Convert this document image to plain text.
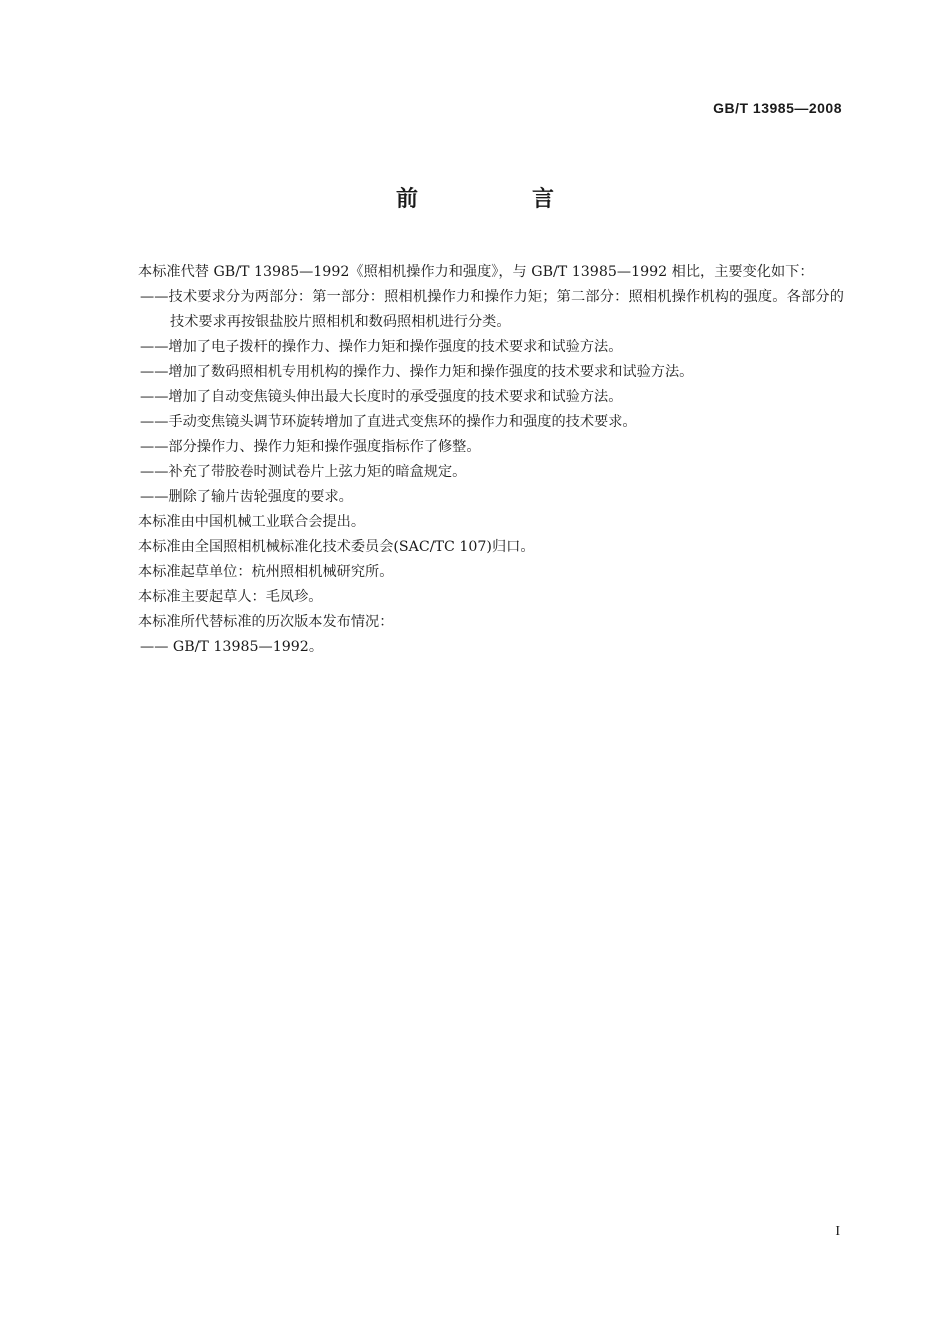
GB/T 13985—2008
前　言

本标准代替 GB/T 13985—1992《照相机操作力和强度》，与 GB/T 13985—1992 相比，主要变化如下：

——技术要求分为两部分：第一部分：照相机操作力和操作力矩；第二部分：照相机操作机构的强度。各部分的技术要求再按银盐胶片照相机和数码照相机进行分类。

——增加了电子拨杆的操作力、操作力矩和操作强度的技术要求和试验方法。

——增加了数码照相机专用机构的操作力、操作力矩和操作强度的技术要求和试验方法。

——增加了自动变焦镜头伸出最大长度时的承受强度的技术要求和试验方法。

——手动变焦镜头调节环旋转增加了直进式变焦环的操作力和强度的技术要求。

——部分操作力、操作力矩和操作强度指标作了修整。

——补充了带胶卷时测试卷片上弦力矩的暗盒规定。

——删除了输片齿轮强度的要求。

本标准由中国机械工业联合会提出。

本标准由全国照相机械标准化技术委员会(SAC/TC 107)归口。

本标准起草单位：杭州照相机械研究所。

本标准主要起草人：毛凤珍。

本标准所代替标准的历次版本发布情况：

—— GB/T 13985—1992。

I
